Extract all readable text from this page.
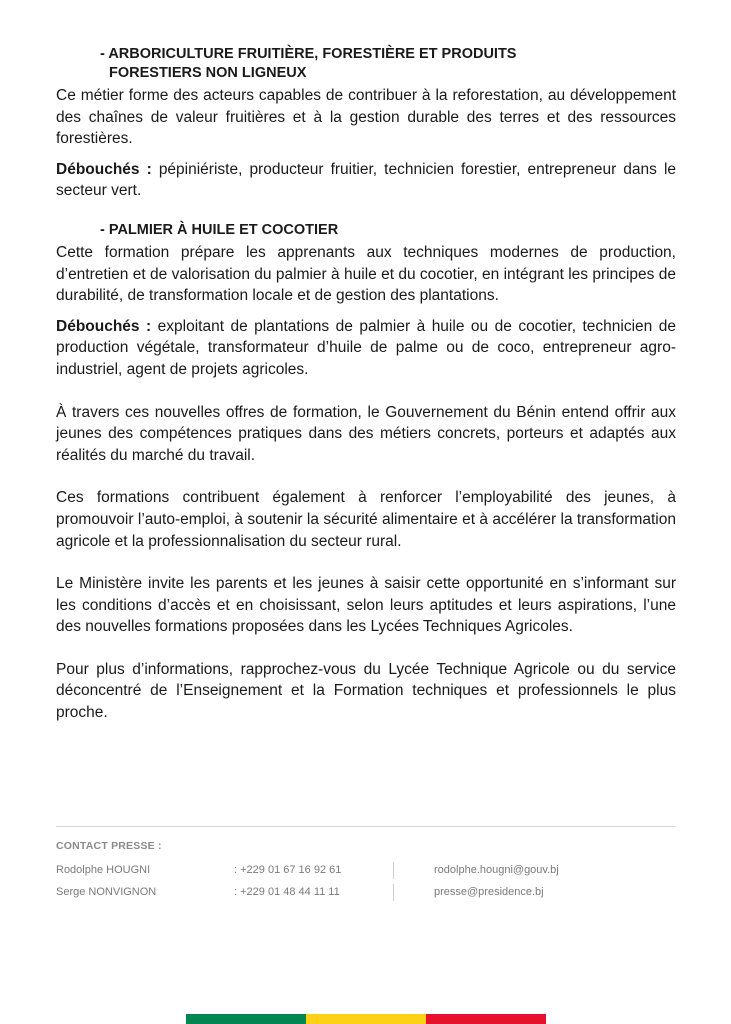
- ARBORICULTURE FRUITIÈRE, FORESTIÈRE ET PRODUITS
FORESTIERS NON LIGNEUX

Ce métier forme des acteurs capables de contribuer à la reforestation, au développement des chaînes de valeur fruitières et à la gestion durable des terres et des ressources forestières.

Débouchés : pépiniériste, producteur fruitier, technicien forestier, entrepreneur dans le secteur vert.

- PALMIER À HUILE ET COCOTIER

Cette formation prépare les apprenants aux techniques modernes de production, d’entretien et de valorisation du palmier à huile et du cocotier, en intégrant les principes de durabilité, de transformation locale et de gestion des plantations.

Débouchés : exploitant de plantations de palmier à huile ou de cocotier, technicien de production végétale, transformateur d’huile de palme ou de coco, entrepreneur agro-industriel, agent de projets agricoles.

À travers ces nouvelles offres de formation, le Gouvernement du Bénin entend offrir aux jeunes des compétences pratiques dans des métiers concrets, porteurs et adaptés aux réalités du marché du travail.

Ces formations contribuent également à renforcer l’employabilité des jeunes, à promouvoir l’auto-emploi, à soutenir la sécurité alimentaire et à accélérer la transformation agricole et la professionnalisation du secteur rural.

Le Ministère invite les parents et les jeunes à saisir cette opportunité en s’informant sur les conditions d’accès et en choisissant, selon leurs aptitudes et leurs aspirations, l’une des nouvelles formations proposées dans les Lycées Techniques Agricoles.

Pour plus d’informations, rapprochez-vous du Lycée Technique Agricole ou du service déconcentré de l’Enseignement et la Formation techniques et professionnels le plus proche.

CONTACT PRESSE :
Rodolphe HOUGNI	: +229 01 67 16 92 61	rodolphe.hougni@gouv.bj
Serge NONVIGNON	: +229 01 48 44 11 11	presse@presidence.bj
